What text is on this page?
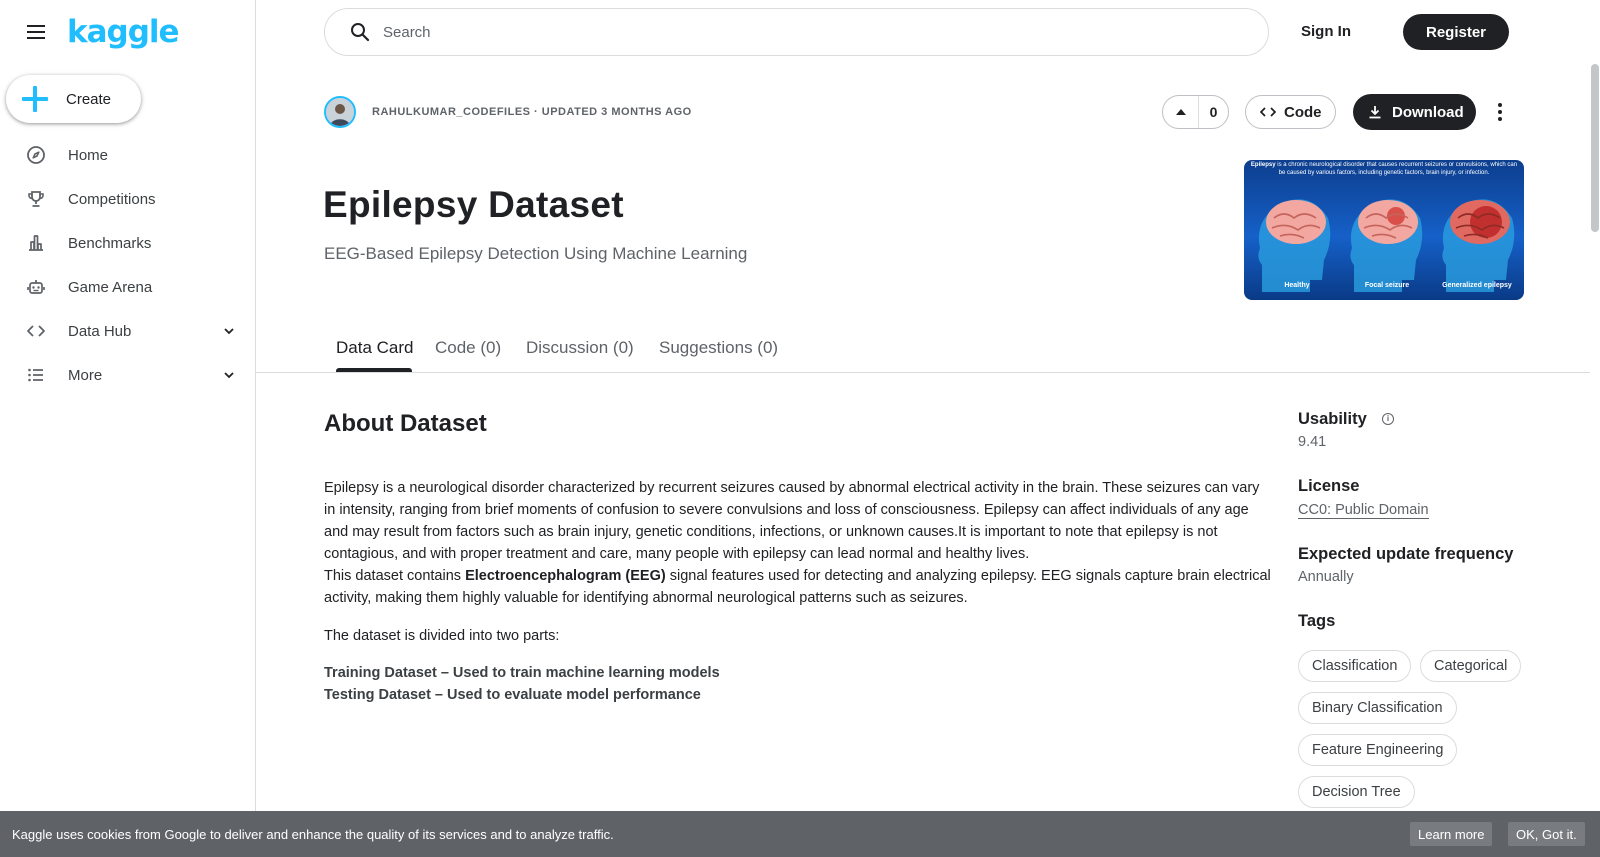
kaggle
Create
Home
Competitions
Benchmarks
Game Arena
Data Hub
More
Search
Sign In	Register
RAHULKUMAR_CODEFILES · UPDATED 3 MONTHS AGO	0	Code	Download
Epilepsy Dataset
EEG-Based Epilepsy Detection Using Machine Learning
Epilepsy is a chronic neurological disorder that causes recurrent seizures or convulsions, which can be caused by various factors, including genetic factors, brain injury, or infection.
Healthy	Focal seizure	Generalized epilepsy
Data Card Code (0) Discussion (0) Suggestions (0)
About Dataset

Epilepsy is a neurological disorder characterized by recurrent seizures caused by abnormal electrical activity in the brain. These seizures can vary in intensity, ranging from brief moments of confusion to severe convulsions and loss of consciousness. Epilepsy can affect individuals of any age and may result from factors such as brain injury, genetic conditions, infections, or unknown causes.It is important to note that epilepsy is not contagious, and with proper treatment and care, many people with epilepsy can lead normal and healthy lives.

This dataset contains Electroencephalogram (EEG) signal features used for detecting and analyzing epilepsy. EEG signals capture brain electrical activity, making them highly valuable for identifying abnormal neurological patterns such as seizures.

The dataset is divided into two parts:

Training Dataset – Used to train machine learning models

Testing Dataset – Used to evaluate model performance

Usability	i
9.41
License
CC0: Public Domain
Expected update frequency
Annually
Tags
Classification	Categorical
Binary Classification
Feature Engineering
Decision Tree
Kaggle uses cookies from Google to deliver and enhance the quality of its services and to analyze traffic.	Learn more	OK, Got it.
